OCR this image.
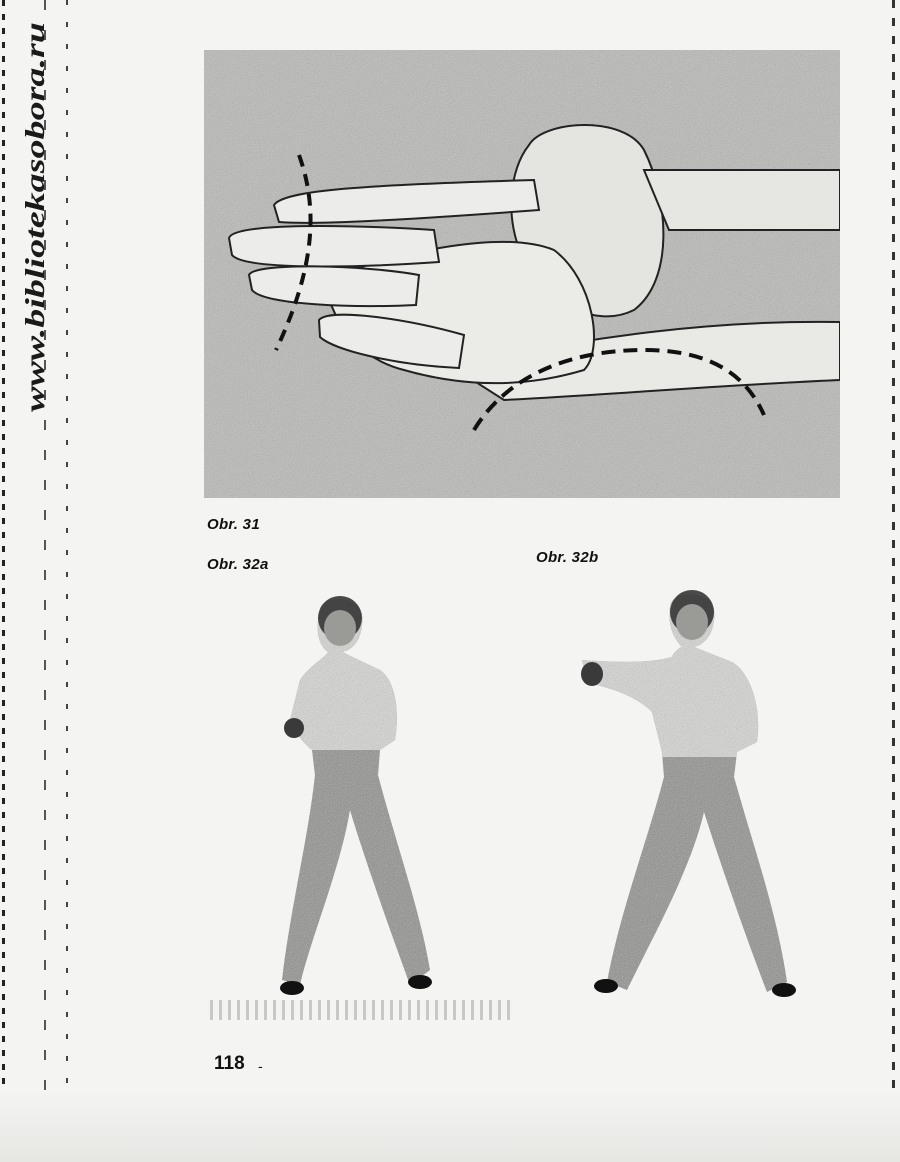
www.bibliotekasobora.ru
Obr. 31
Obr. 32a	Obr. 32b
118 -
